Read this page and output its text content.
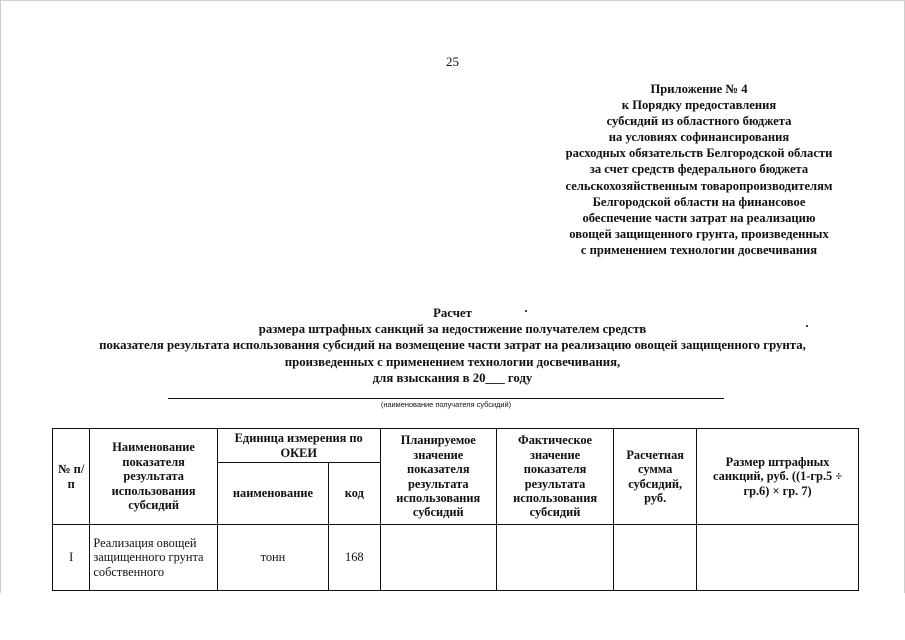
25
Приложение № 4
к Порядку предоставления
субсидий из областного бюджета
на условиях софинансирования
расходных обязательств Белгородской области
за счет средств федерального бюджета
сельскохозяйственным товаропроизводителям
Белгородской области на финансовое
обеспечение части затрат на реализацию
овощей защищенного грунта, произведенных
с применением технологии досвечивания
Расчет
размера штрафных санкций за недостижение получателем средств
показателя результата использования субсидий на возмещение части затрат на реализацию овощей защищенного грунта,
произведенных с применением технологии досвечивания,
для взыскания в 20___ году
(наименование получателя субсидий)
№ п/п	Наименование показателя результата использования субсидий	Единица измерения по ОКЕИ		Планируемое значение показателя результата использования субсидий	Фактическое значение показателя результата использования субсидий	Расчетная сумма субсидий, руб.	Размер штрафных санкций, руб. ((1-гр.5 ÷ гр.6) × гр. 7)
		наименование	код				
I	Реализация овощей защищенного грунта собственного	тонн	168				
